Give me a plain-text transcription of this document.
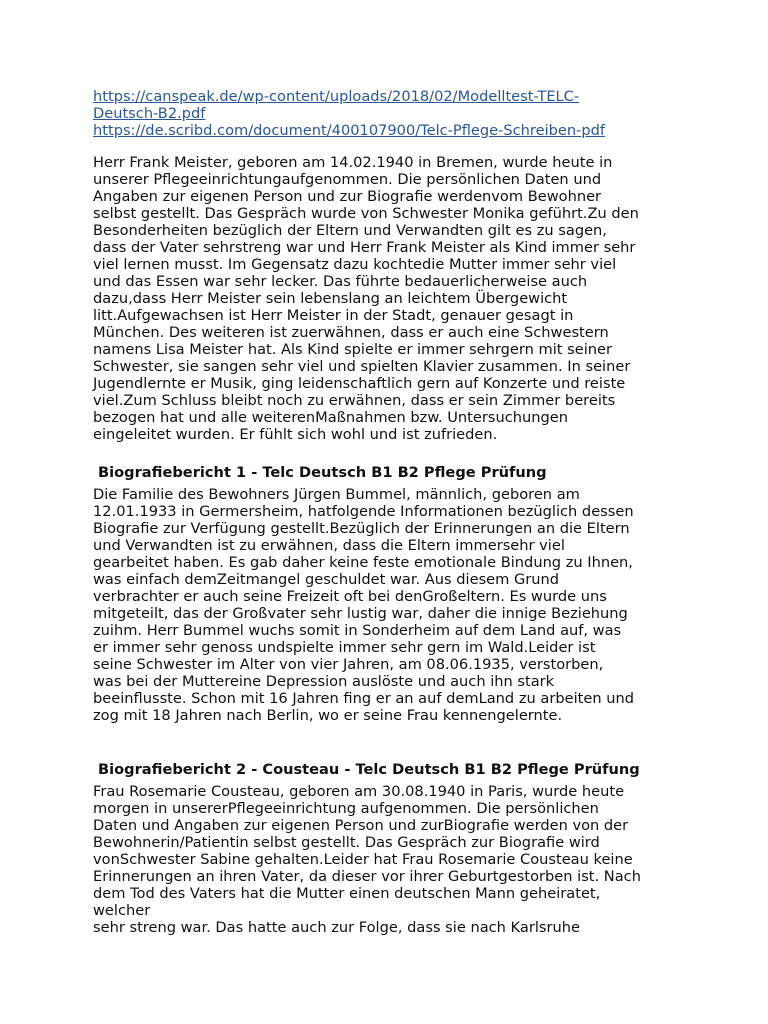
https://canspeak.de/wp-content/uploads/2018/02/Modelltest-TELC-
Deutsch-B2.pdf
https://de.scribd.com/document/400107900/Telc-Pflege-Schreiben-pdf
Herr Frank Meister, geboren am 14.02.1940 in Bremen, wurde heute in
unserer Pflegeeinrichtungaufgenommen. Die persönlichen Daten und
Angaben zur eigenen Person und zur Biografie werdenvom Bewohner
selbst gestellt. Das Gespräch wurde von Schwester Monika geführt.Zu den
Besonderheiten bezüglich der Eltern und Verwandten gilt es zu sagen,
dass der Vater sehrstreng war und Herr Frank Meister als Kind immer sehr
viel lernen musst. Im Gegensatz dazu kochtedie Mutter immer sehr viel
und das Essen war sehr lecker. Das führte bedauerlicherweise auch
dazu,dass Herr Meister sein lebenslang an leichtem Übergewicht
litt.Aufgewachsen ist Herr Meister in der Stadt, genauer gesagt in
München. Des weiteren ist zuerwähnen, dass er auch eine Schwestern
namens Lisa Meister hat. Als Kind spielte er immer sehrgern mit seiner
Schwester, sie sangen sehr viel und spielten Klavier zusammen. In seiner
Jugendlernte er Musik, ging leidenschaftlich gern auf Konzerte und reiste
viel.Zum Schluss bleibt noch zu erwähnen, dass er sein Zimmer bereits
bezogen hat und alle weiterenMaßnahmen bzw. Untersuchungen
eingeleitet wurden. Er fühlt sich wohl und ist zufrieden.
Biografiebericht 1 - Telc Deutsch B1 B2 Pflege Prüfung
Die Familie des Bewohners Jürgen Bummel, männlich, geboren am
12.01.1933 in Germersheim, hatfolgende Informationen bezüglich dessen
Biografie zur Verfügung gestellt.Bezüglich der Erinnerungen an die Eltern
und Verwandten ist zu erwähnen, dass die Eltern immersehr viel
gearbeitet haben. Es gab daher keine feste emotionale Bindung zu Ihnen,
was einfach demZeitmangel geschuldet war. Aus diesem Grund
verbrachter er auch seine Freizeit oft bei denGroßeltern. Es wurde uns
mitgeteilt, das der Großvater sehr lustig war, daher die innige Beziehung
zuihm. Herr Bummel wuchs somit in Sonderheim auf dem Land auf, was
er immer sehr genoss undspielte immer sehr gern im Wald.Leider ist
seine Schwester im Alter von vier Jahren, am 08.06.1935, verstorben,
was bei der Muttereine Depression auslöste und auch ihn stark
beeinflusste. Schon mit 16 Jahren fing er an auf demLand zu arbeiten und
zog mit 18 Jahren nach Berlin, wo er seine Frau kennengelernte.
Biografiebericht 2 - Cousteau - Telc Deutsch B1 B2 Pflege Prüfung
Frau Rosemarie Cousteau, geboren am 30.08.1940 in Paris, wurde heute
morgen in unsererPflegeeinrichtung aufgenommen. Die persönlichen
Daten und Angaben zur eigenen Person und zurBiografie werden von der
Bewohnerin/Patientin selbst gestellt. Das Gespräch zur Biografie wird
vonSchwester Sabine gehalten.Leider hat Frau Rosemarie Cousteau keine
Erinnerungen an ihren Vater, da dieser vor ihrer Geburtgestorben ist. Nach
dem Tod des Vaters hat die Mutter einen deutschen Mann geheiratet,
welcher
sehr streng war. Das hatte auch zur Folge, dass sie nach Karlsruhe
